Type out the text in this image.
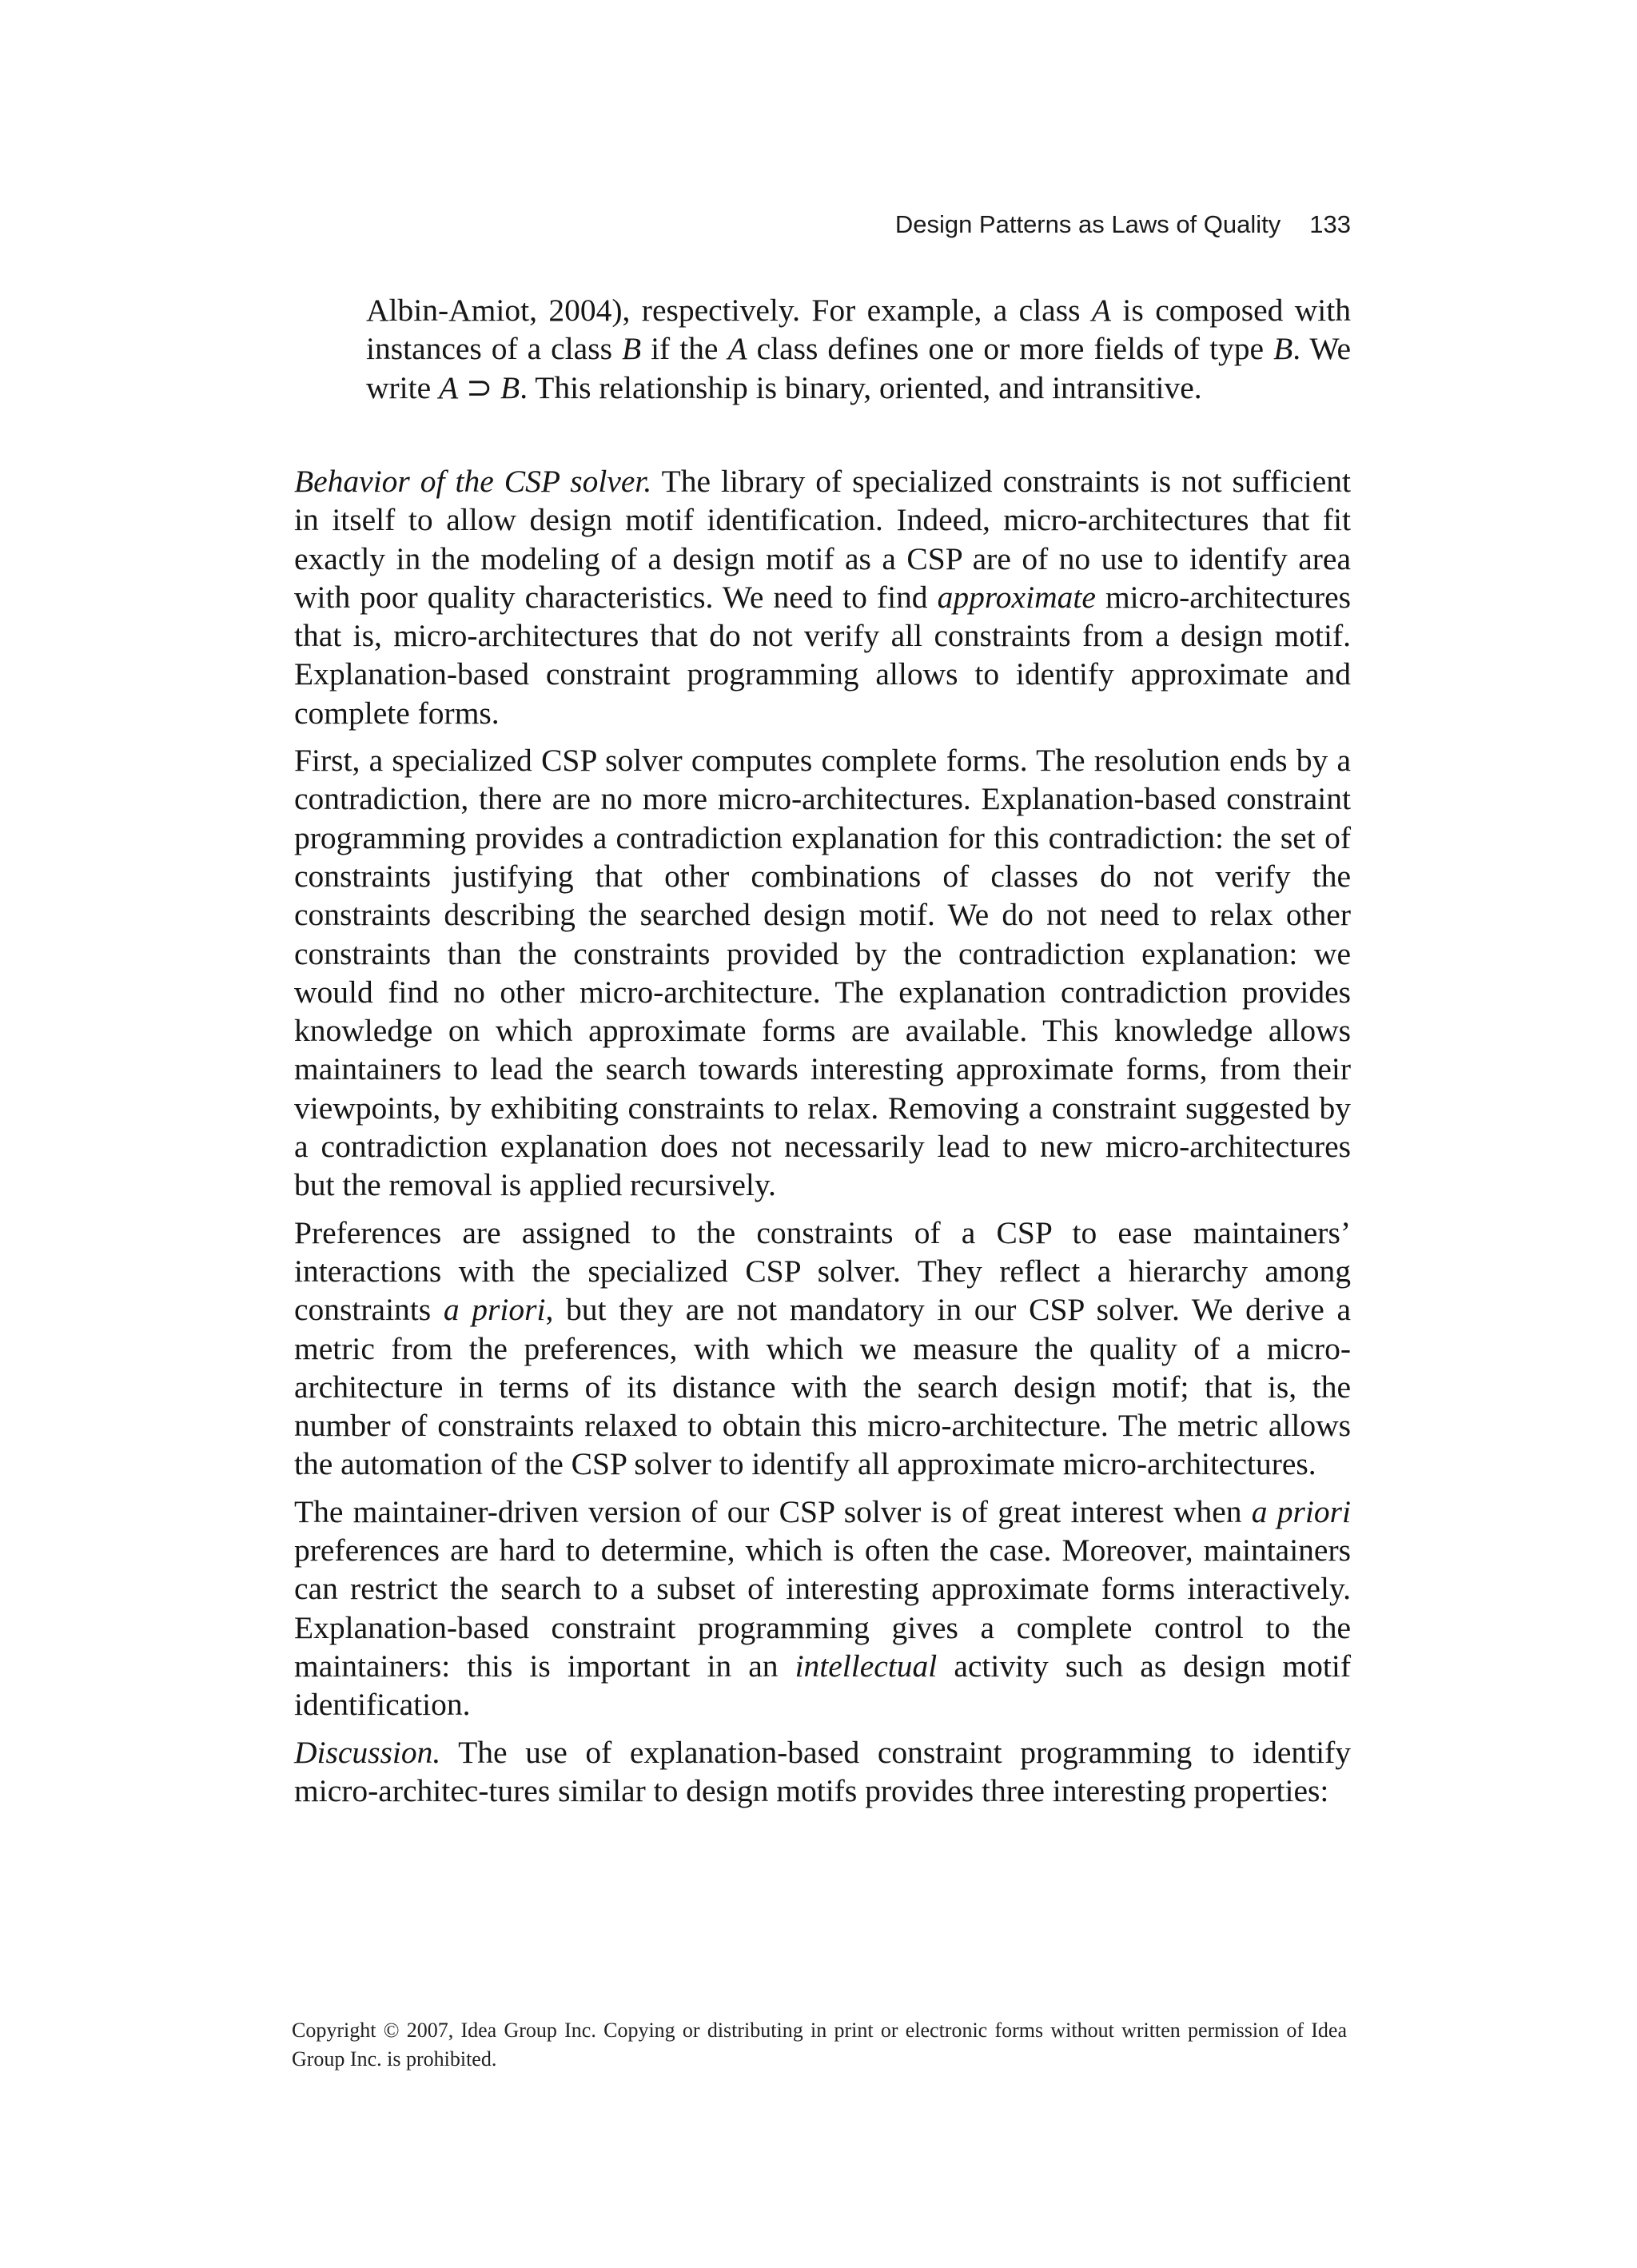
Design Patterns as Laws of Quality 133

Albin-Amiot, 2004), respectively. For example, a class A is composed with instances of a class B if the A class defines one or more fields of type B. We write A ⊃ B. This relationship is binary, oriented, and intransitive.

Behavior of the CSP solver. The library of specialized constraints is not sufficient in itself to allow design motif identification. Indeed, micro-architectures that fit exactly in the modeling of a design motif as a CSP are of no use to identify area with poor quality characteristics. We need to find approximate micro-architectures that is, micro-architectures that do not verify all constraints from a design motif. Explanation-based constraint programming allows to identify approximate and complete forms.

First, a specialized CSP solver computes complete forms. The resolution ends by a contradiction, there are no more micro-architectures. Explanation-based constraint programming provides a contradiction explanation for this contradiction: the set of constraints justifying that other combinations of classes do not verify the constraints describing the searched design motif. We do not need to relax other constraints than the constraints provided by the contradiction explanation: we would find no other micro-architecture. The explanation contradiction provides knowledge on which approximate forms are available. This knowledge allows maintainers to lead the search towards interesting approximate forms, from their viewpoints, by exhibiting constraints to relax. Removing a constraint suggested by a contradiction explanation does not necessarily lead to new micro-architectures but the removal is applied recursively.

Preferences are assigned to the constraints of a CSP to ease maintainers’ interactions with the specialized CSP solver. They reflect a hierarchy among constraints a priori, but they are not mandatory in our CSP solver. We derive a metric from the preferences, with which we measure the quality of a micro-architecture in terms of its distance with the search design motif; that is, the number of constraints relaxed to obtain this micro-architecture. The metric allows the automation of the CSP solver to identify all approximate micro-architectures.

The maintainer-driven version of our CSP solver is of great interest when a priori preferences are hard to determine, which is often the case. Moreover, maintainers can restrict the search to a subset of interesting approximate forms interactively. Explanation-based constraint programming gives a complete control to the maintainers: this is important in an intellectual activity such as design motif identification.

Discussion. The use of explanation-based constraint programming to identify micro-architec-tures similar to design motifs provides three interesting properties:

Copyright © 2007, Idea Group Inc. Copying or distributing in print or electronic forms without written permission of Idea Group Inc. is prohibited.
